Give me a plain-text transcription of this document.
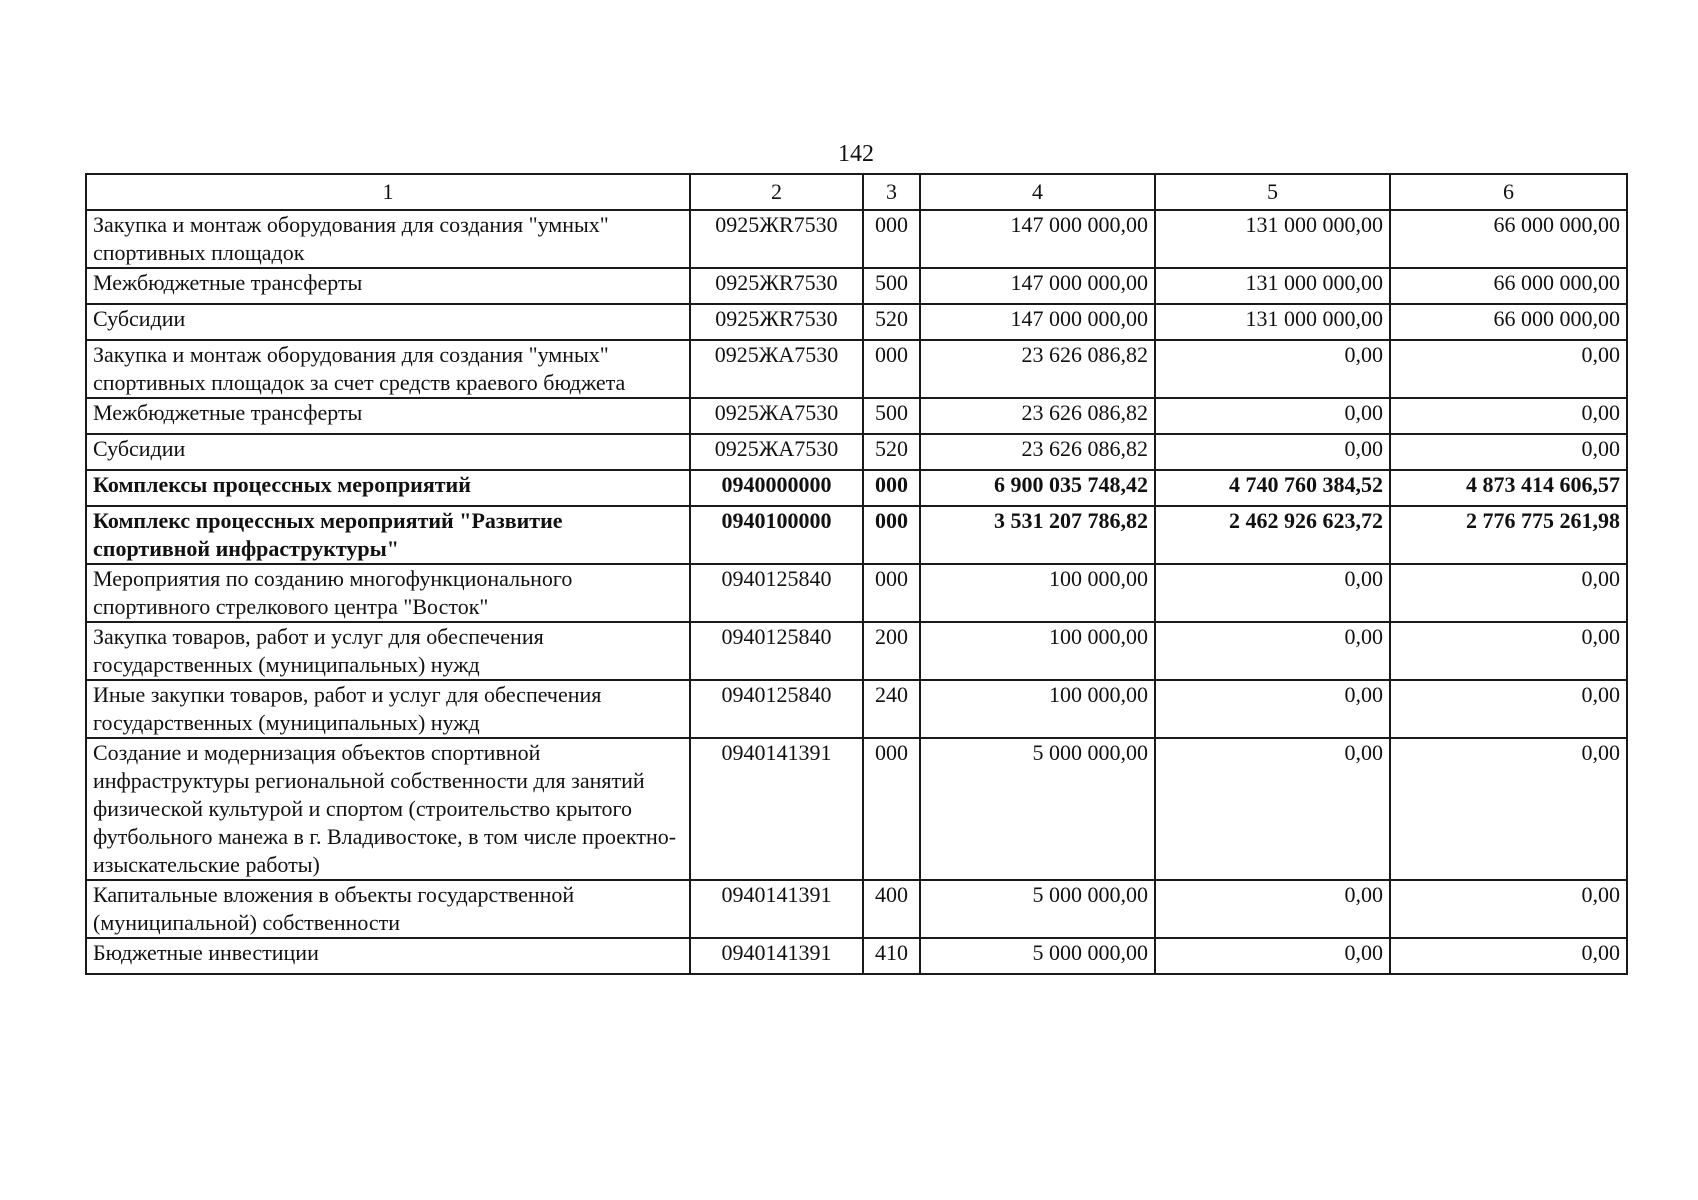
142
1	2	3	4	5	6
Закупка и монтаж оборудования для создания "умных" спортивных площадок	0925ЖR7530	000	147 000 000,00	131 000 000,00	66 000 000,00
Межбюджетные трансферты	0925ЖR7530	500	147 000 000,00	131 000 000,00	66 000 000,00
Субсидии	0925ЖR7530	520	147 000 000,00	131 000 000,00	66 000 000,00
Закупка и монтаж оборудования для создания "умных" спортивных площадок за счет средств краевого бюджета	0925ЖА7530	000	23 626 086,82	0,00	0,00
Межбюджетные трансферты	0925ЖА7530	500	23 626 086,82	0,00	0,00
Субсидии	0925ЖА7530	520	23 626 086,82	0,00	0,00
Комплексы процессных мероприятий	0940000000	000	6 900 035 748,42	4 740 760 384,52	4 873 414 606,57
Комплекс процессных мероприятий "Развитие спортивной инфраструктуры"	0940100000	000	3 531 207 786,82	2 462 926 623,72	2 776 775 261,98
Мероприятия по созданию многофункционального спортивного стрелкового центра "Восток"	0940125840	000	100 000,00	0,00	0,00
Закупка товаров, работ и услуг для обеспечения государственных (муниципальных) нужд	0940125840	200	100 000,00	0,00	0,00
Иные закупки товаров, работ и услуг для обеспечения государственных (муниципальных) нужд	0940125840	240	100 000,00	0,00	0,00
Создание и модернизация объектов спортивной инфраструктуры региональной собственности для занятий физической культурой и спортом (строительство крытого футбольного манежа в г. Владивостоке, в том числе проектно-изыскательские работы)	0940141391	000	5 000 000,00	0,00	0,00
Капитальные вложения в объекты государственной (муниципальной) собственности	0940141391	400	5 000 000,00	0,00	0,00
Бюджетные инвестиции	0940141391	410	5 000 000,00	0,00	0,00
